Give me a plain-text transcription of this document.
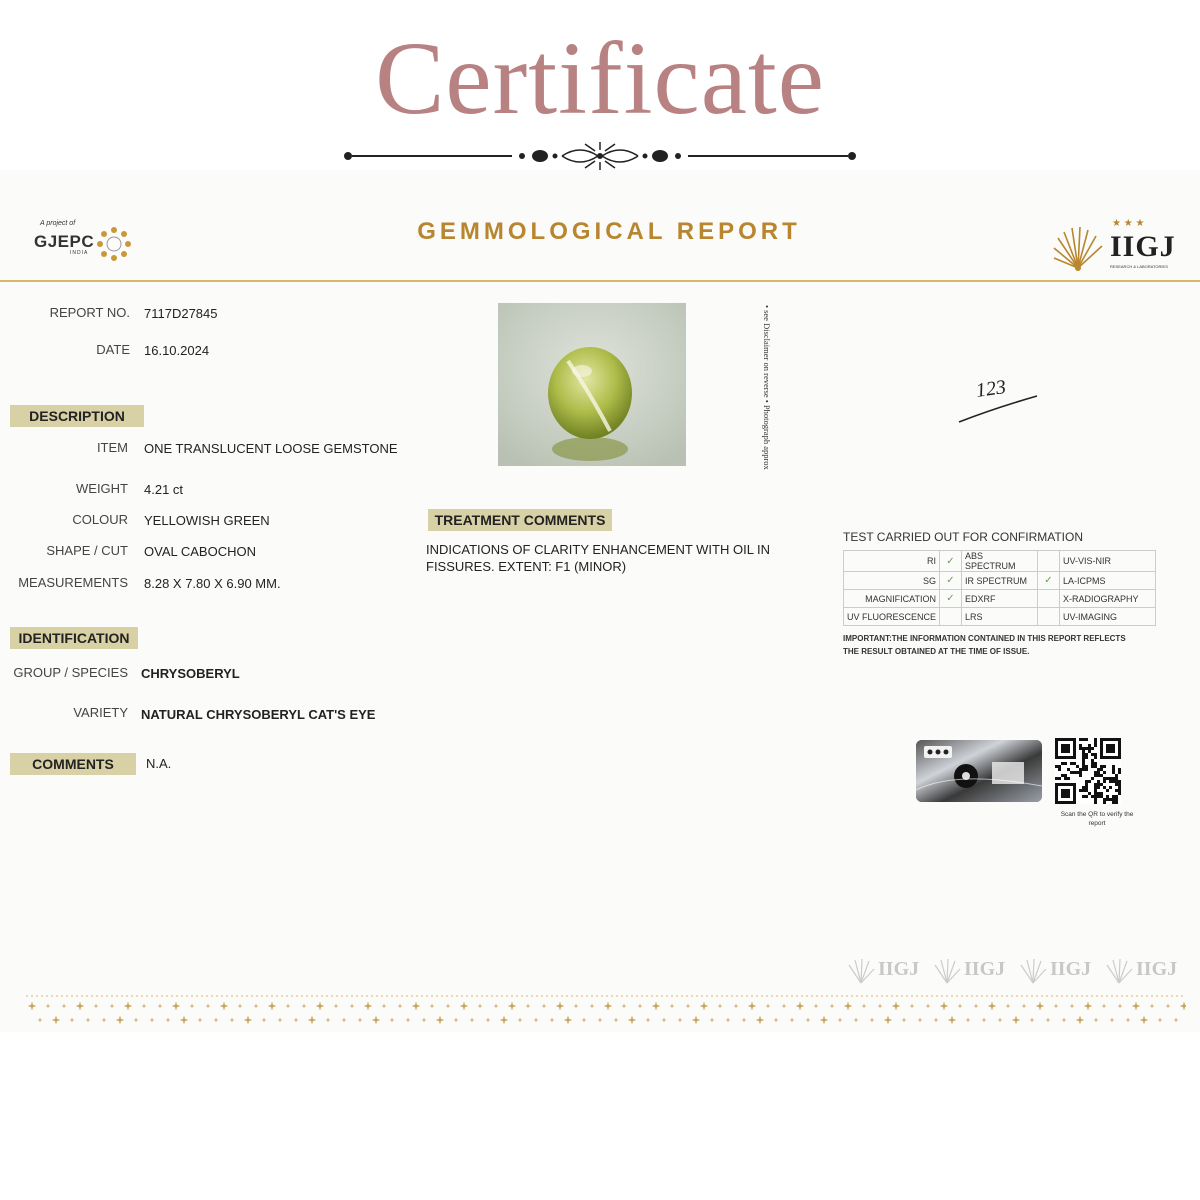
Certificate
A project of
GJEPC
INDIA
GEMMOLOGICAL REPORT	★ ★ ★
IIGJ
RESEARCH & LABORATORIES
REPORT NO. 7117D27845
DATE 16.10.2024
DESCRIPTION
ITEM ONE TRANSLUCENT LOOSE GEMSTONE
WEIGHT 4.21 ct
COLOUR YELLOWISH GREEN
SHAPE / CUT OVAL CABOCHON
MEASUREMENTS 8.28 X 7.80 X 6.90 MM.
IDENTIFICATION
GROUP / SPECIES CHRYSOBERYL
VARIETY NATURAL CHRYSOBERYL CAT'S EYE
COMMENTS	N.A.
• see Disclaimer on reverse • Photograph approx	123
TREATMENT COMMENTS
INDICATIONS OF CLARITY ENHANCEMENT WITH OIL IN FISSURES. EXTENT: F1 (MINOR)
TEST CARRIED OUT FOR CONFIRMATION
RI	✓	ABS SPECTRUM		UV-VIS-NIR
SG	✓	IR SPECTRUM	✓	LA-ICPMS
MAGNIFICATION	✓	EDXRF		X-RADIOGRAPHY
UV FLUORESCENCE		LRS		UV-IMAGING
IMPORTANT:THE INFORMATION CONTAINED IN THIS REPORT REFLECTS THE RESULT OBTAINED AT THE TIME OF ISSUE.
Scan the QR to verify the report
IIGJ IIGJ IIGJ IIGJ
